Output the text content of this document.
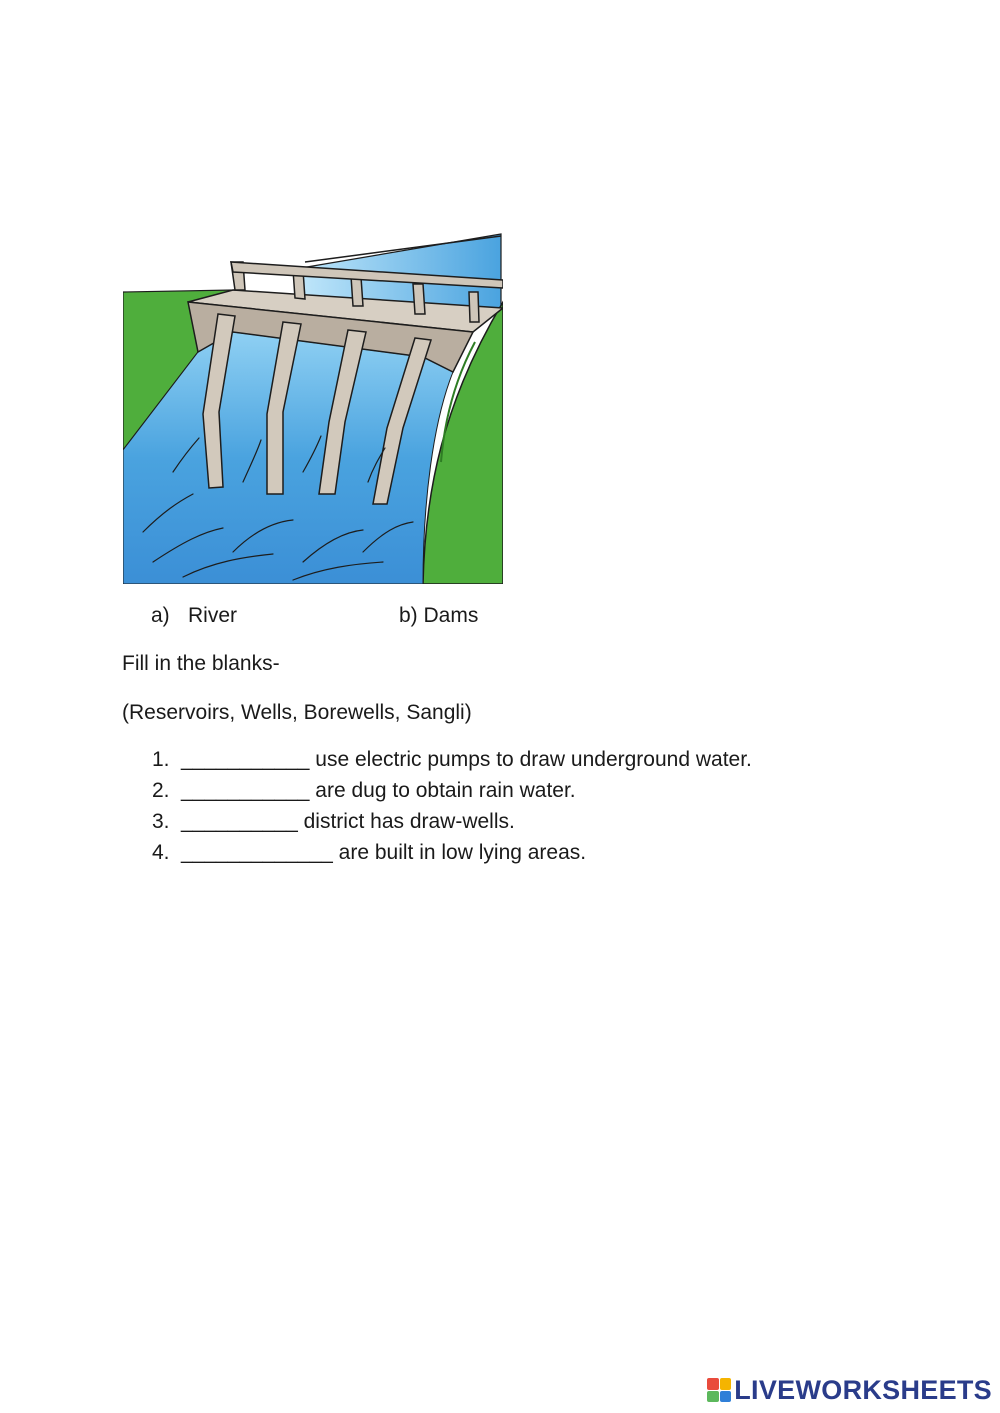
a) River	b) Dams
Fill in the blanks-
(Reservoirs, Wells, Borewells, Sangli)
1. ___________ use electric pumps to draw underground water.
2. ___________ are dug to obtain rain water.
3. __________ district has draw-wells.
4. _____________ are built in low lying areas.
LIVEWORKSHEETS
